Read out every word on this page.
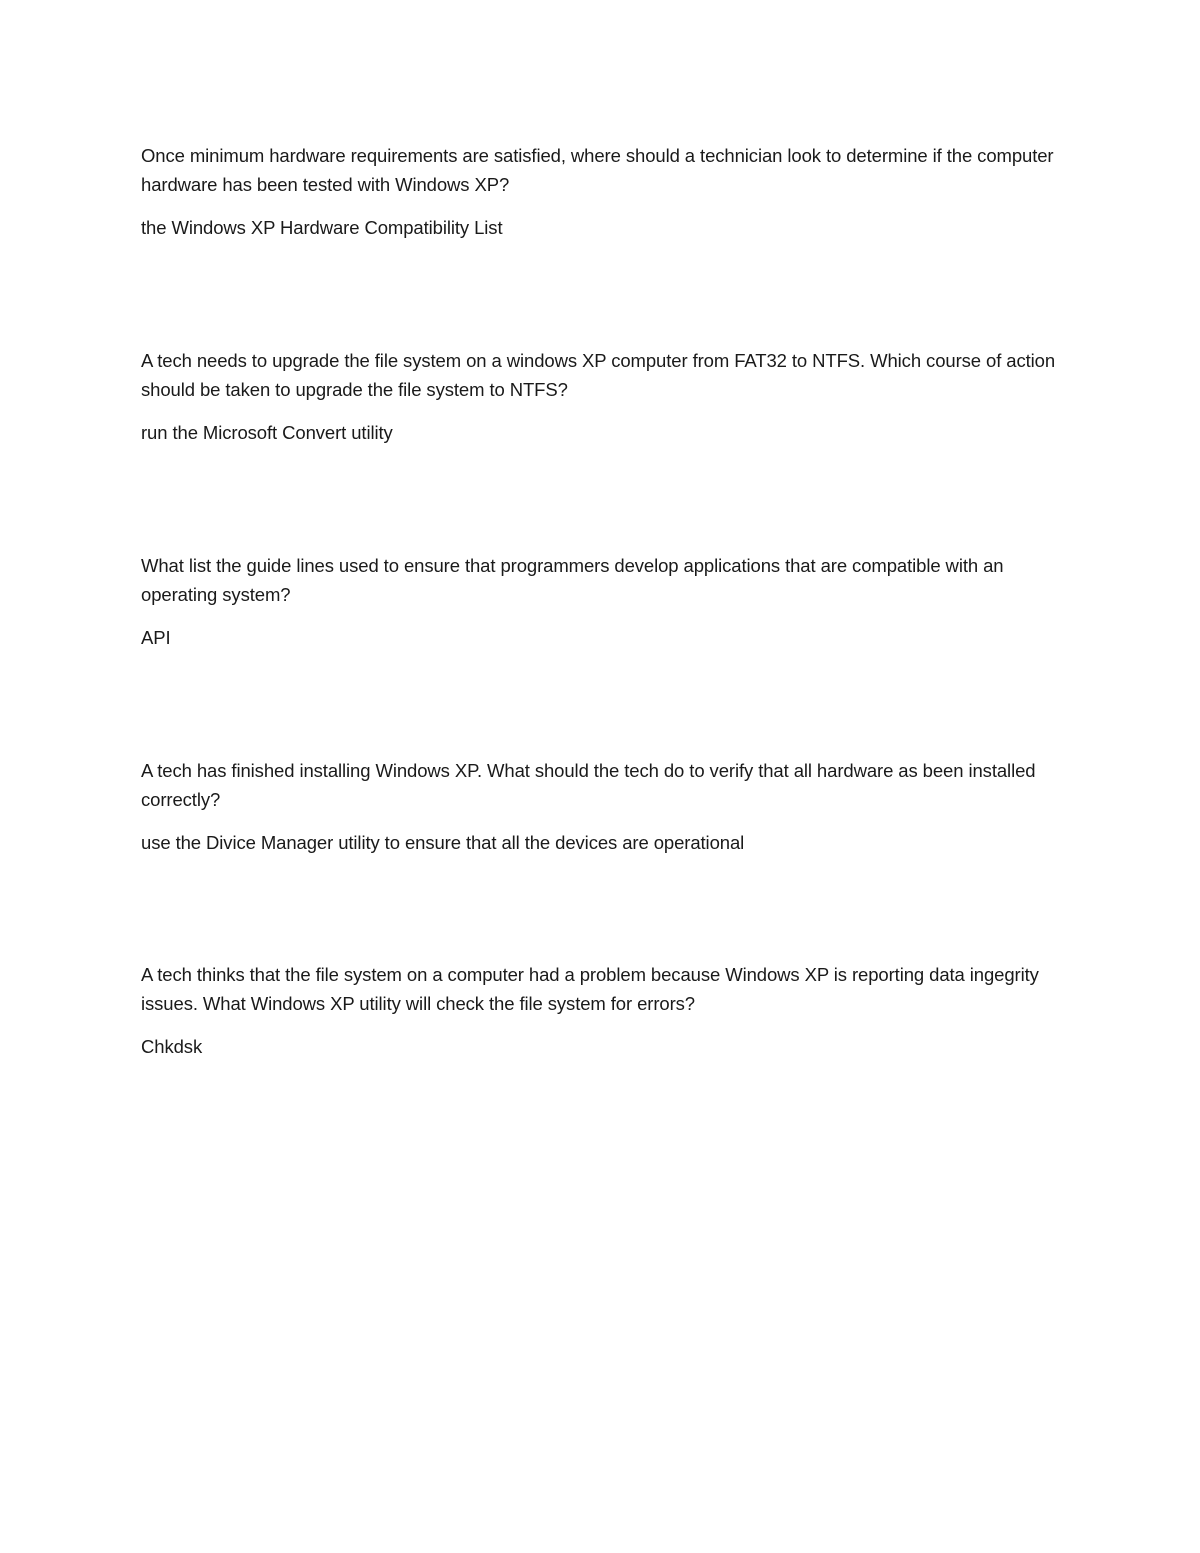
Once minimum hardware requirements are satisfied, where should a technician look to determine if the computer hardware has been tested with Windows XP?

the Windows XP Hardware Compatibility List

A tech needs to upgrade the file system on a windows XP computer from FAT32 to NTFS. Which course of action should be taken to upgrade the file system to NTFS?

run the Microsoft Convert utility

What list the guide lines used to ensure that programmers develop applications that are compatible with an operating system?

API

A tech has finished installing Windows XP. What should the tech do to verify that all hardware as been installed correctly?

use the Divice Manager utility to ensure that all the devices are operational

A tech thinks that the file system on a computer had a problem because Windows XP is reporting data ingegrity issues. What Windows XP utility will check the file system for errors?

Chkdsk
